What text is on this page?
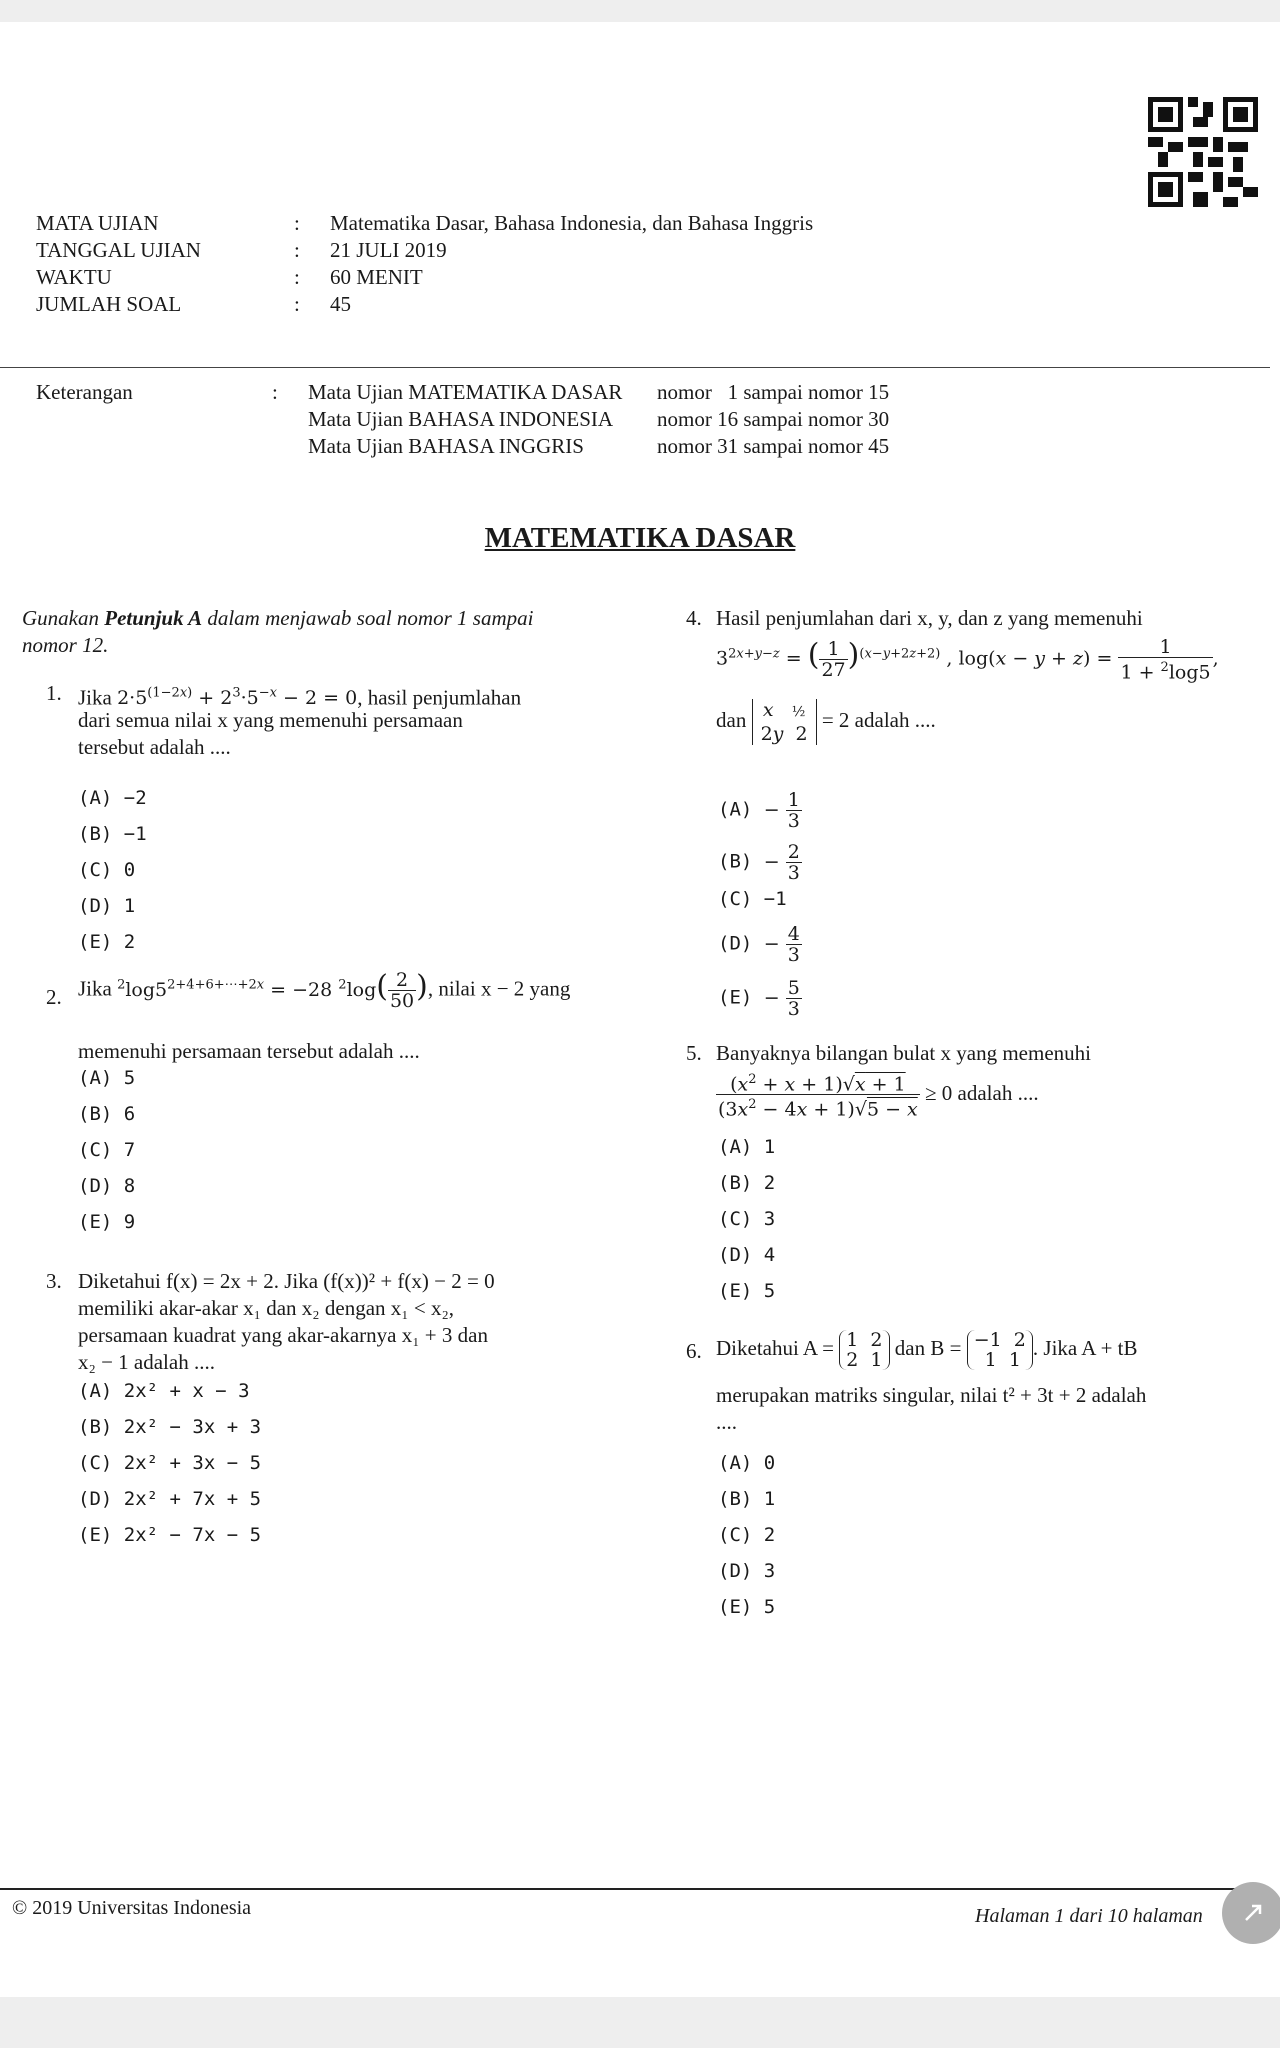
MATA UJIAN	: Matematika Dasar, Bahasa Indonesia, dan Bahasa Inggris
TANGGAL UJIAN	: 21 JULI 2019
WAKTU	: 60 MENIT
JUMLAH SOAL	: 45
Keterangan	: Mata Ujian MATEMATIKA DASAR nomor   1 sampai nomor 15
Mata Ujian BAHASA INDONESIA nomor 16 sampai nomor 30
Mata Ujian BAHASA INGGRIS	nomor 31 sampai nomor 45
MATEMATIKA DASAR
Gunakan Petunjuk A dalam menjawab soal nomor 1 sampai
nomor 12.
1. Jika $2\cdot 5^{(1-2x)} + 2^3\cdot 5^{-x} - 2 = 0$, hasil penjumlahan
dari semua nilai x yang memenuhi persamaan
tersebut adalah ....
(A) −2
(B) −1
(C) 0
(D) 1
(E) 2
2. Jika $^2\log 5^{2+4+6+\cdots+2x} = -28$ $^2\log( \frac{2}{50}$ ), nilai x − 2 yang
memenuhi persamaan tersebut adalah ....
(A) 5
(B) 6
(C) 7
(D) 8
(E) 9
3. Diketahui f(x) = 2x + 2. Jika (f(x))² + f(x) − 2 = 0
memiliki akar-akar x₁ dan x₂ dengan x₁ < x₂,
persamaan kuadrat yang akar-akarnya x₁ + 3 dan
x₂ − 1 adalah ....
(A) 2x² + x − 3
(B) 2x² − 3x + 3
(C) 2x² + 3x − 5
(D) 2x² + 7x + 5
(E) 2x² − 7x − 5
4. Hasil penjumlahan dari x, y, dan z yang memenuhi
$3^{2x+y-z}$ = ( $\frac{1}{27} )^{(x-y+2z+2)}$ , $\log(x - y + z) = \frac{1}{1 + ^2\log 5}$ ,
dan x ½
2y  2 = 2 adalah ....
$(A) - \frac{1}{3}$
$(B) - \frac{2}{3}$
(C) −1
$(D) - \frac{4}{3}$
$(E) - \frac{5}{3}$
5. Banyaknya bilangan bulat x yang memenuhi
$\frac{(x^2 + x + 1)√x + 1}{(3x^2 - 4x + 1)√5 - x} \ge 0$ adalah ....
(A) 1
(B) 2
(C) 3
(D) 4
(E) 5
6. Diketahui A = 1  2
2  1 dan B = −1  2
1  1. Jika A + tB
merupakan matriks singular, nilai t² + 3t + 2 adalah
....
(A) 0
(B) 1
(C) 2
(D) 3
(E) 5
© 2019 Universitas Indonesia	Halaman 1 dari 10 halaman
